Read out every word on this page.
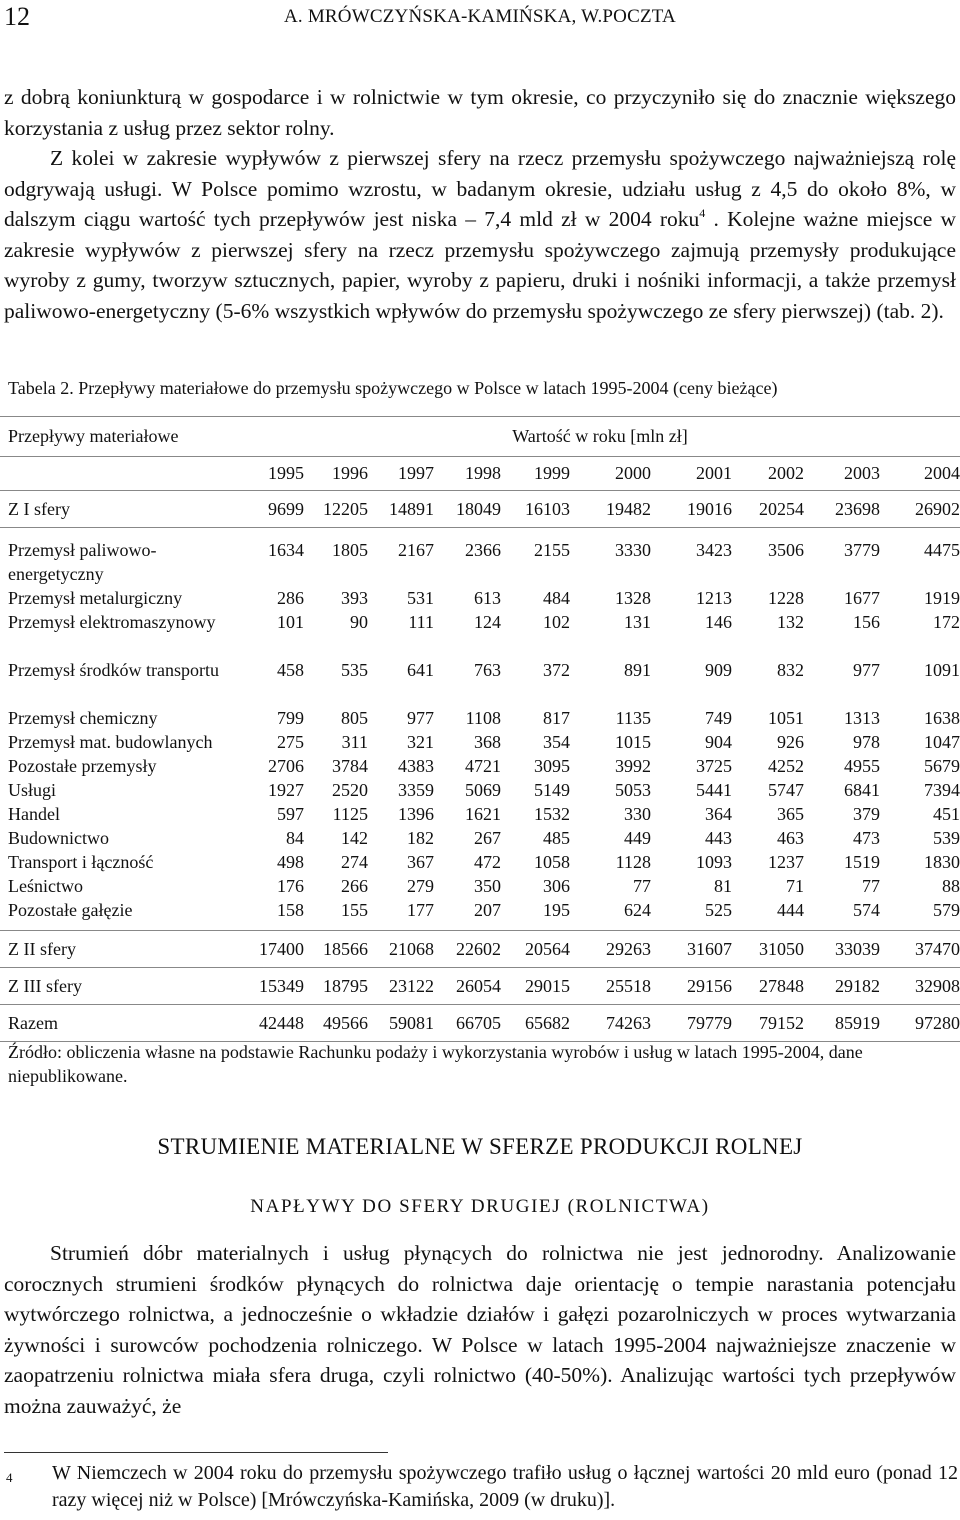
12	A. MRÓWCZYŃSKA-KAMIŃSKA, W.POCZTA
z dobrą koniunkturą w gospodarce i w rolnictwie w tym okresie, co przyczyniło się do znacznie większego korzystania z usług przez sektor rolny.
Z kolei w zakresie wypływów z pierwszej sfery na rzecz przemysłu spożywczego najważniejszą rolę odgrywają usługi. W Polsce pomimo wzrostu, w badanym okresie, udziału usług z 4,5 do około 8%, w dalszym ciągu wartość tych przepływów jest niska – 7,4 mld zł w 2004 roku$^4$ . Kolejne ważne miejsce w zakresie wypływów z pierwszej sfery na rzecz przemysłu spożywczego zajmują przemysły produkujące wyroby z gumy, tworzyw sztucznych, papier, wyroby z papieru, druki i nośniki informacji, a także przemysł paliwowo-energetyczny (5-6% wszystkich wpływów do przemysłu spożywczego ze sfery pierwszej) (tab. 2).
Tabela 2. Przepływy materiałowe do przemysłu spożywczego w Polsce w latach 1995-2004 (ceny bieżące)
Przepływy materiałowe	Wartość w roku [mln zł]									
	1995	1996	1997	1998	1999	2000	2001	2002	2003	2004
Z I sfery	9699	12205	14891	18049	16103	19482	19016	20254	23698	26902
Przemysł paliwowo-energetyczny	1634	1805	2167	2366	2155	3330	3423	3506	3779	4475
Przemysł metalurgiczny	286	393	531	613	484	1328	1213	1228	1677	1919
Przemysł elektromaszynowy	101	90	111	124	102	131	146	132	156	172
Przemysł środków transportu	458	535	641	763	372	891	909	832	977	1091
Przemysł chemiczny	799	805	977	1108	817	1135	749	1051	1313	1638
Przemysł mat. budowlanych	275	311	321	368	354	1015	904	926	978	1047
Pozostałe przemysły	2706	3784	4383	4721	3095	3992	3725	4252	4955	5679
Usługi	1927	2520	3359	5069	5149	5053	5441	5747	6841	7394
Handel	597	1125	1396	1621	1532	330	364	365	379	451
Budownictwo	84	142	182	267	485	449	443	463	473	539
Transport i łączność	498	274	367	472	1058	1128	1093	1237	1519	1830
Leśnictwo	176	266	279	350	306	77	81	71	77	88
Pozostałe gałęzie	158	155	177	207	195	624	525	444	574	579
Z II sfery	17400	18566	21068	22602	20564	29263	31607	31050	33039	37470
Z III sfery	15349	18795	23122	26054	29015	25518	29156	27848	29182	32908
Razem	42448	49566	59081	66705	65682	74263	79779	79152	85919	97280
Źródło: obliczenia własne na podstawie Rachunku podaży i wykorzystania wyrobów i usług w latach 1995-2004, dane niepublikowane.
STRUMIENIE MATERIALNE W SFERZE PRODUKCJI ROLNEJ
NAPŁYWY DO SFERY DRUGIEJ (ROLNICTWA)
Strumień dóbr materialnych i usług płynących do rolnictwa nie jest jednorodny. Analizowanie corocznych strumieni środków płynących do rolnictwa daje orientację o tempie narastania potencjału wytwórczego rolnictwa, a jednocześnie o wkładzie działów i gałęzi pozarolniczych w proces wytwarzania żywności i surowców pochodzenia rolniczego. W Polsce w latach 1995-2004 najważniejsze znaczenie w zaopatrzeniu rolnictwa miała sfera druga, czyli rolnictwo (40-50%). Analizując wartości tych przepływów można zauważyć, że
4 W Niemczech w 2004 roku do przemysłu spożywczego trafiło usług o łącznej wartości 20 mld euro (ponad 12 razy więcej niż w Polsce) [Mrówczyńska-Kamińska, 2009 (w druku)].
